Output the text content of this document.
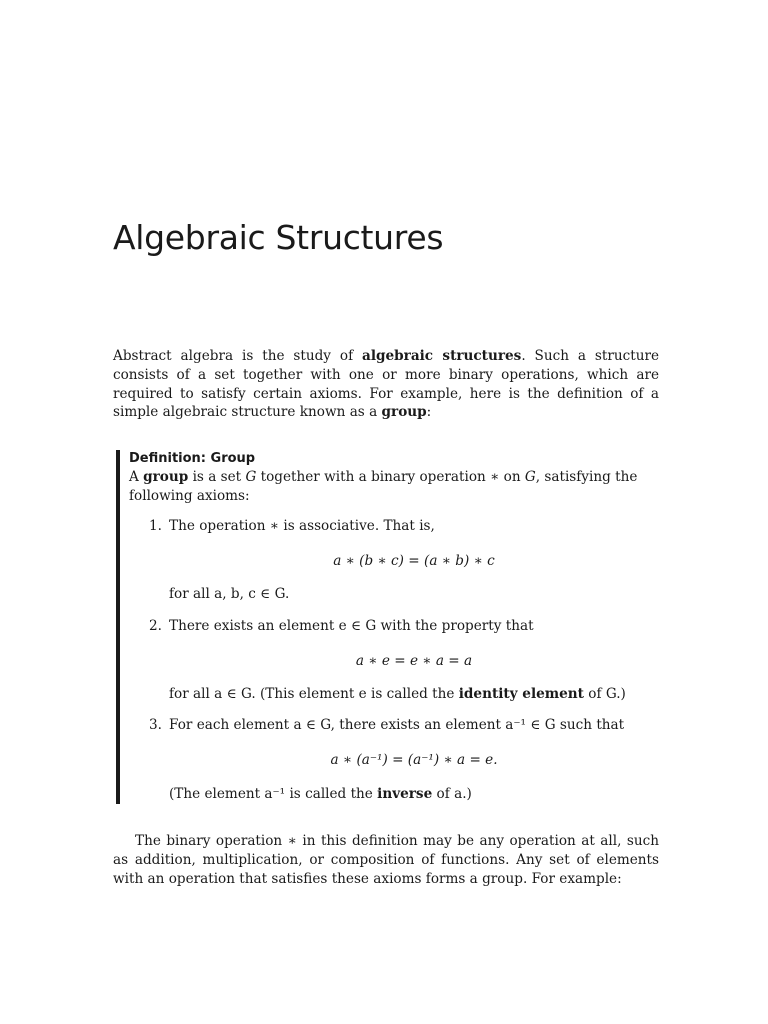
Algebraic Structures

Abstract algebra is the study of algebraic structures. Such a structure consists of a set together with one or more binary operations, which are required to satisfy certain axioms. For example, here is the definition of a simple algebraic structure known as a group:

Definition: Group

A group is a set G together with a binary operation ∗ on G, satisfying the following axioms:

1. The operation ∗ is associative. That is,

a ∗ (b ∗ c) = (a ∗ b) ∗ c

for all a, b, c ∈ G.

2. There exists an element e ∈ G with the property that

a ∗ e = e ∗ a = a

for all a ∈ G. (This element e is called the identity element of G.)

3. For each element a ∈ G, there exists an element a⁻¹ ∈ G such that

a ∗ (a⁻¹) = (a⁻¹) ∗ a = e.

(The element a⁻¹ is called the inverse of a.)

The binary operation ∗ in this definition may be any operation at all, such as addition, multiplication, or composition of functions. Any set of elements with an operation that satisfies these axioms forms a group. For example:
